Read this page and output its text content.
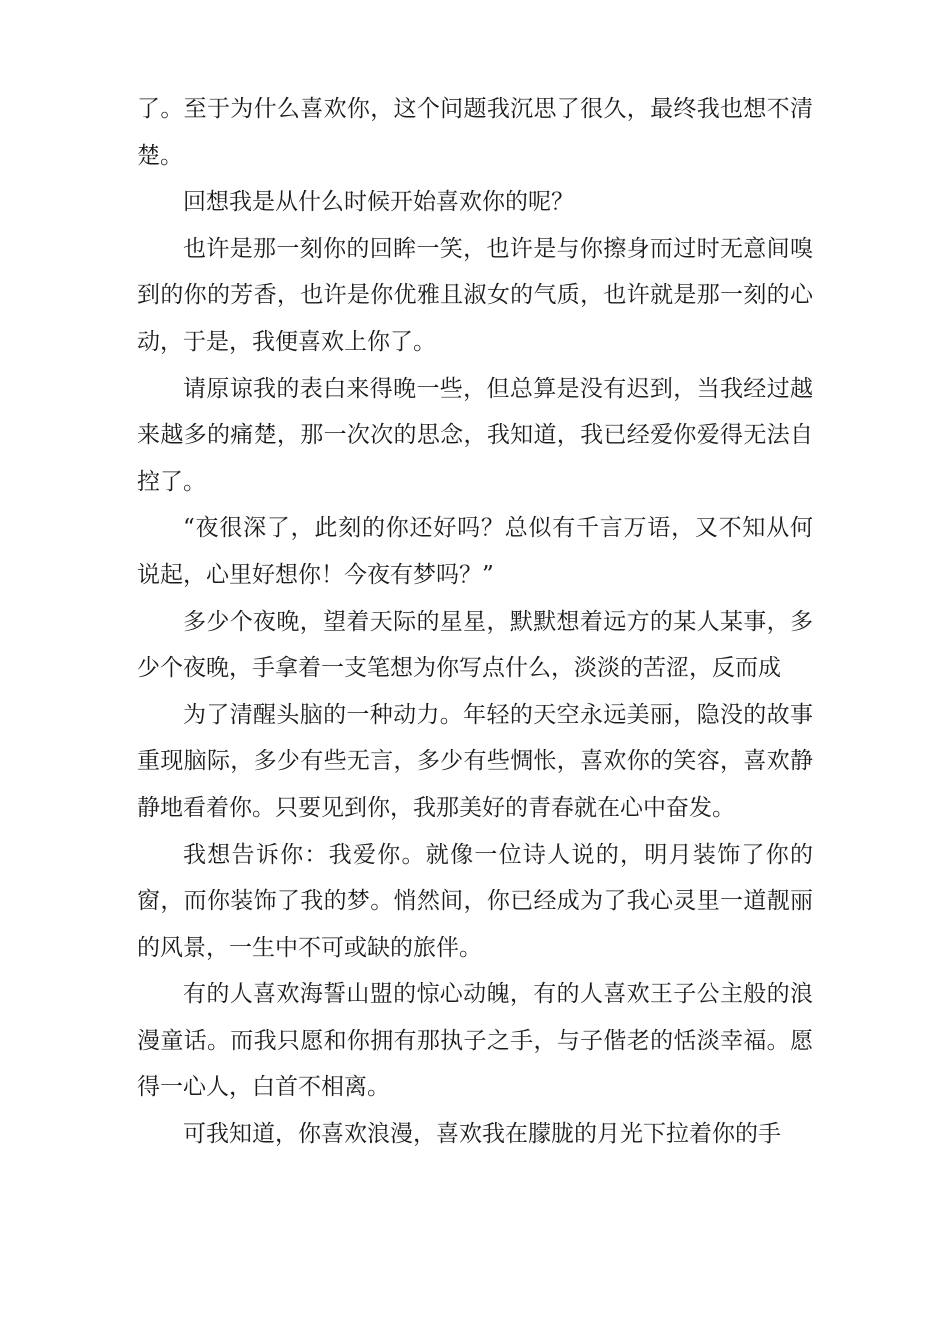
了。至于为什么喜欢你，这个问题我沉思了很久，最终我也想不清楚。

回想我是从什么时候开始喜欢你的呢？

也许是那一刻你的回眸一笑，也许是与你擦身而过时无意间嗅到的你的芳香，也许是你优雅且淑女的气质，也许就是那一刻的心动，于是，我便喜欢上你了。

请原谅我的表白来得晚一些，但总算是没有迟到，当我经过越来越多的痛楚，那一次次的思念，我知道，我已经爱你爱得无法自控了。

“夜很深了，此刻的你还好吗？总似有千言万语，又不知从何说起，心里好想你！今夜有梦吗？”

多少个夜晚，望着天际的星星，默默想着远方的某人某事，多少个夜晚，手拿着一支笔想为你写点什么，淡淡的苦涩，反而成

为了清醒头脑的一种动力。年轻的天空永远美丽，隐没的故事重现脑际，多少有些无言，多少有些惆怅，喜欢你的笑容，喜欢静静地看着你。只要见到你，我那美好的青春就在心中奋发。

我想告诉你：我爱你。就像一位诗人说的，明月装饰了你的窗，而你装饰了我的梦。悄然间，你已经成为了我心灵里一道靓丽的风景，一生中不可或缺的旅伴。

有的人喜欢海誓山盟的惊心动魄，有的人喜欢王子公主般的浪漫童话。而我只愿和你拥有那执子之手，与子偕老的恬淡幸福。愿得一心人，白首不相离。

可我知道，你喜欢浪漫，喜欢我在朦胧的月光下拉着你的手
